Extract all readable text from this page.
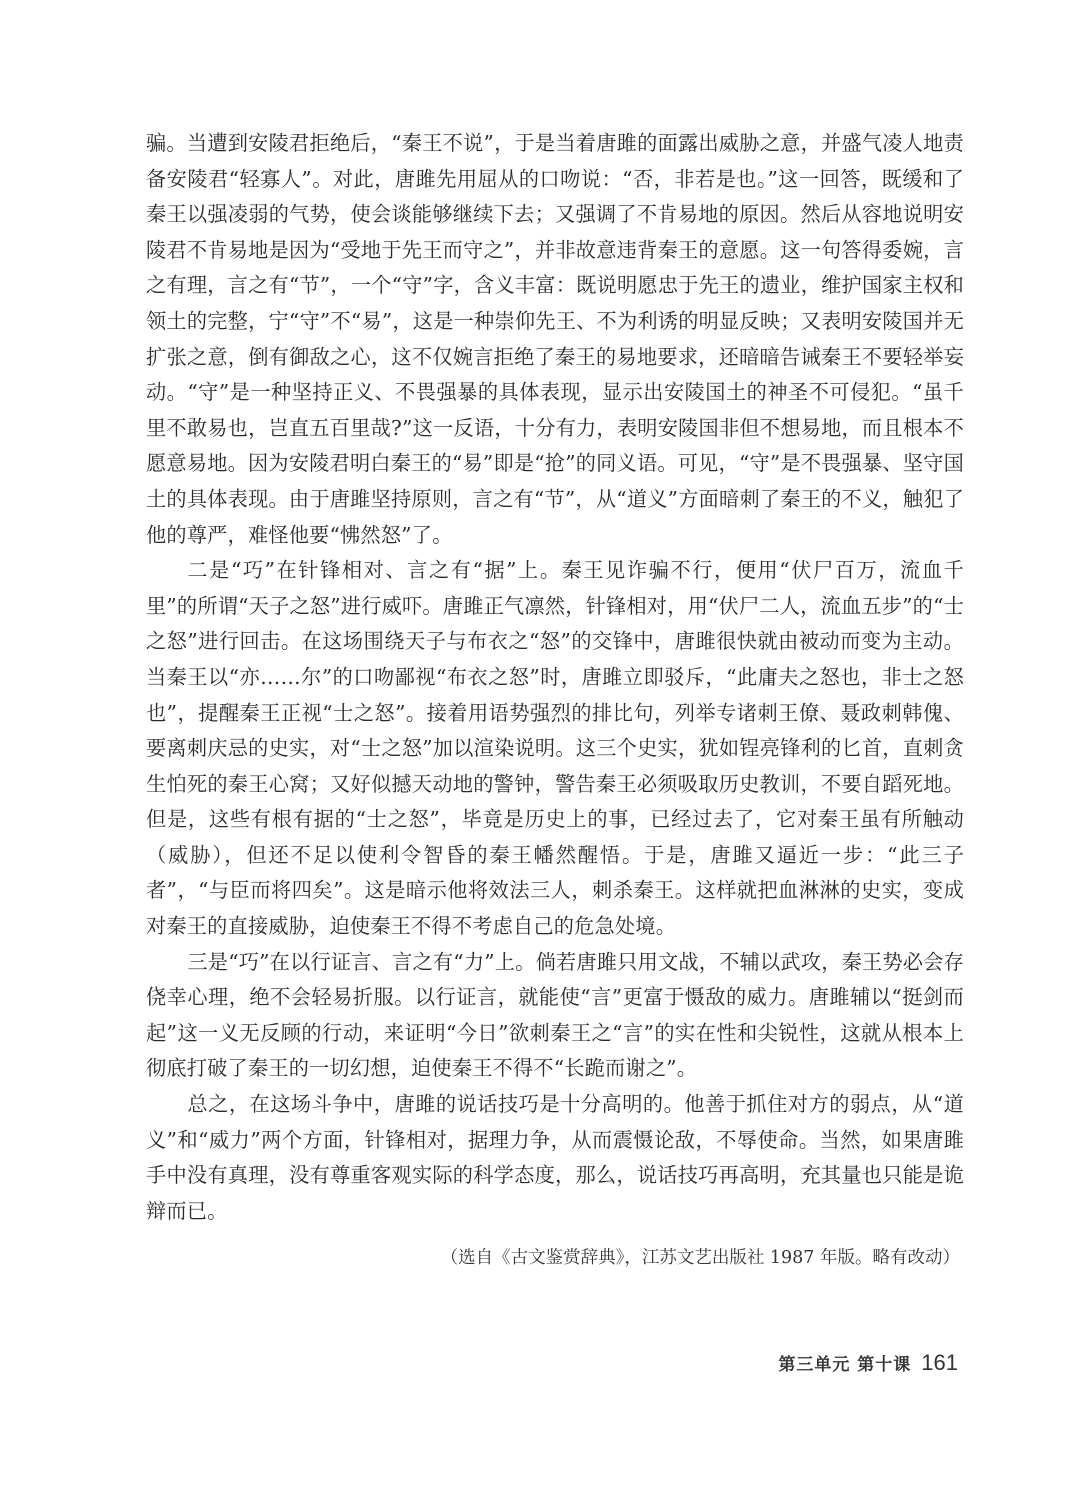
骗。当遭到安陵君拒绝后，“秦王不说”，于是当着唐雎的面露出威胁之意，并盛气凌人地责备安陵君“轻寡人”。对此，唐雎先用屈从的口吻说：“否，非若是也。”这一回答，既缓和了秦王以强凌弱的气势，使会谈能够继续下去；又强调了不肯易地的原因。然后从容地说明安陵君不肯易地是因为“受地于先王而守之”，并非故意违背秦王的意愿。这一句答得委婉，言之有理，言之有“节”，一个“守”字，含义丰富：既说明愿忠于先王的遗业，维护国家主权和领土的完整，宁“守”不“易”，这是一种崇仰先王、不为利诱的明显反映；又表明安陵国并无扩张之意，倒有御敌之心，这不仅婉言拒绝了秦王的易地要求，还暗暗告诫秦王不要轻举妄动。“守”是一种坚持正义、不畏强暴的具体表现，显示出安陵国土的神圣不可侵犯。“虽千里不敢易也，岂直五百里哉?”这一反语，十分有力，表明安陵国非但不想易地，而且根本不愿意易地。因为安陵君明白秦王的“易”即是“抢”的同义语。可见，“守”是不畏强暴、坚守国土的具体表现。由于唐雎坚持原则，言之有“节”，从“道义”方面暗刺了秦王的不义，触犯了他的尊严，难怪他要“怫然怒”了。

二是“巧”在针锋相对、言之有“据”上。秦王见诈骗不行，便用“伏尸百万，流血千里”的所谓“天子之怒”进行威吓。唐雎正气凛然，针锋相对，用“伏尸二人，流血五步”的“士之怒”进行回击。在这场围绕天子与布衣之“怒”的交锋中，唐雎很快就由被动而变为主动。当秦王以“亦……尔”的口吻鄙视“布衣之怒”时，唐雎立即驳斥，“此庸夫之怒也，非士之怒也”，提醒秦王正视“士之怒”。接着用语势强烈的排比句，列举专诸刺王僚、聂政刺韩傀、要离刺庆忌的史实，对“士之怒”加以渲染说明。这三个史实，犹如锃亮锋利的匕首，直刺贪生怕死的秦王心窝；又好似撼天动地的警钟，警告秦王必须吸取历史教训，不要自蹈死地。但是，这些有根有据的“士之怒”，毕竟是历史上的事，已经过去了，它对秦王虽有所触动（威胁），但还不足以使利令智昏的秦王幡然醒悟。于是，唐雎又逼近一步：“此三子者”，“与臣而将四矣”。这是暗示他将效法三人，刺杀秦王。这样就把血淋淋的史实，变成对秦王的直接威胁，迫使秦王不得不考虑自己的危急处境。

三是“巧”在以行证言、言之有“力”上。倘若唐雎只用文战，不辅以武攻，秦王势必会存侥幸心理，绝不会轻易折服。以行证言，就能使“言”更富于慑敌的威力。唐雎辅以“挺剑而起”这一义无反顾的行动，来证明“今日”欲刺秦王之“言”的实在性和尖锐性，这就从根本上彻底打破了秦王的一切幻想，迫使秦王不得不“长跪而谢之”。

总之，在这场斗争中，唐雎的说话技巧是十分高明的。他善于抓住对方的弱点，从“道义”和“威力”两个方面，针锋相对，据理力争，从而震慑论敌，不辱使命。当然，如果唐雎手中没有真理，没有尊重客观实际的科学态度，那么，说话技巧再高明，充其量也只能是诡辩而已。

（选自《古文鉴赏辞典》，江苏文艺出版社 1987 年版。略有改动）

第三单元 第十课 161
